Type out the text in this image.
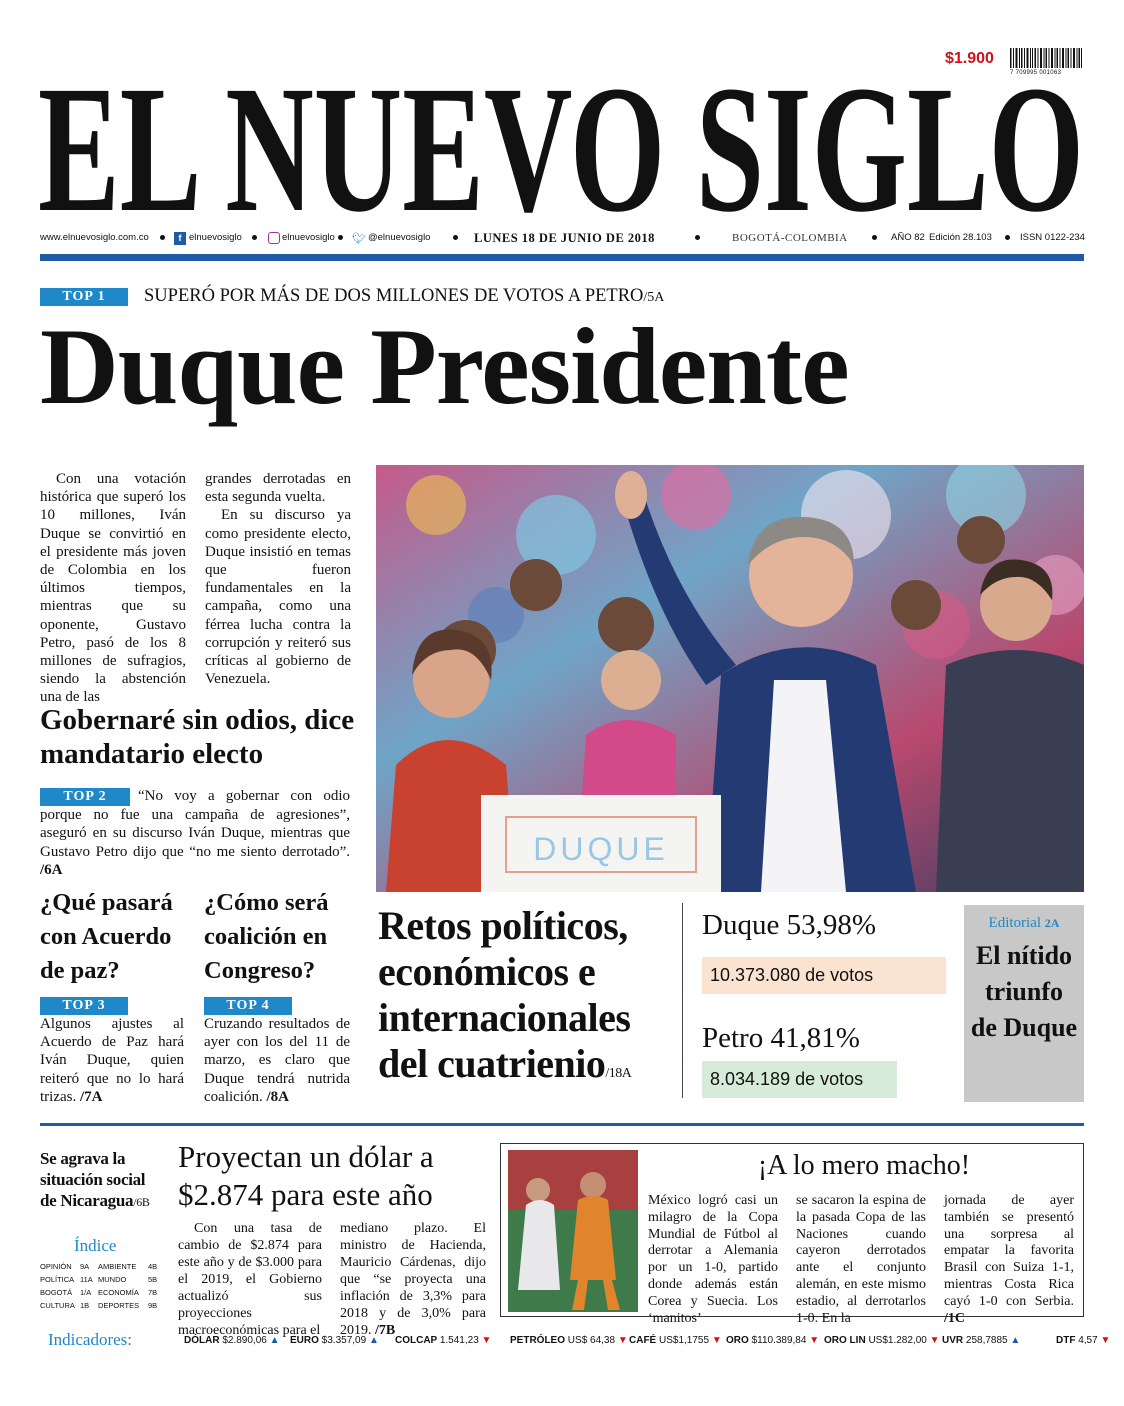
$1.900
7 709995 001063
EL NUEVO SIGLO
www.elnuevosiglo.com.co	f elnuevosiglo	elnuevosiglo 🐦︎ @elnuevosiglo	LUNES 18 DE JUNIO DE 2018	BOGOTÁ-COLOMBIA	AÑO 82 Edición 28.103	ISSN 0122-234
TOP 1	SUPERÓ POR MÁS DE DOS MILLONES DE VOTOS A PETRO/5A
Duque Presidente
Con una votación histórica que superó los 10 millones, Iván Duque se convirtió en el presidente más joven de Colombia en los últimos tiempos, mientras que su oponente, Gustavo Petro, pasó de los 8 millones de sufragios, siendo la abstención una de las
grandes derrotadas en esta segunda vuelta.
En su discurso ya como presidente electo, Duque insistió en temas que fueron fundamentales en la campaña, como una férrea lucha contra la corrupción y reiteró sus críticas al gobierno de Venezuela.
DUQUE
Gobernaré sin odios, dice mandatario electo
TOP 2	“No voy a gobernar con odio porque no fue una campaña de agresiones”, aseguró en su discurso Iván Duque, mientras que Gustavo Petro dijo que “no me siento derrotado”. /6A
¿Qué pasará con Acuerdo de paz?
TOP 3
Algunos ajustes al Acuerdo de Paz hará Iván Duque, quien reiteró que no lo hará trizas. /7A
¿Cómo será coalición en Congreso?
TOP 4
Cruzando resultados de ayer con los del 11 de marzo, es claro que Duque tendrá nutrida coalición. /8A
Retos políticos, económicos e internacionales del cuatrienio/18A
Duque 53,98%
10.373.080 de votos
Petro 41,81%
8.034.189 de votos
Editorial 2A
El nítido triunfo de Duque
Se agrava la situación social de Nicaragua/6B
Índice
OPINIÓN	9A	AMBIENTE	4B
POLÍTICA 11A MUNDO	5B
BOGOTÁ	1/A ECONOMÍA	7B
CULTURA 1B	DEPORTES	9B
Proyectan un dólar a $2.874 para este año
Con una tasa de cambio de $2.874 para este año y de $3.000 para el 2019, el Gobierno actualizó sus proyecciones macroeconómicas para el
mediano plazo. El ministro de Hacienda, Mauricio Cárdenas, dijo que “se proyecta una inflación de 3,3% para 2018 y de 3,0% para 2019. /7B
¡A lo mero macho!
México logró casi un milagro de la Copa Mundial de Fútbol al derrotar a Alemania por un 1-0, partido donde además están Corea y Suecia. Los ‘manitos’
se sacaron la espina de la pasada Copa de las Naciones cuando cayeron derrotados ante el conjunto alemán, en este mismo estadio, al derrotarlos 1-0. En la
jornada de ayer también se presentó una sorpresa al empatar la favorita Brasil con Suiza 1-1, mientras Costa Rica cayó 1-0 con Serbia. /1C
Indicadores:	DÓLAR $2.890,06 ▲ EURO $3.357,09 ▲ COLCAP 1.541,23 ▼ PETRÓLEO US$ 64,38 ▼ CAFÉ US$1,1755 ▼ ORO $110.389,84 ▼ ORO LIN US$1.282,00 ▼ UVR 258,7885 ▲	DTF 4,57 ▼
